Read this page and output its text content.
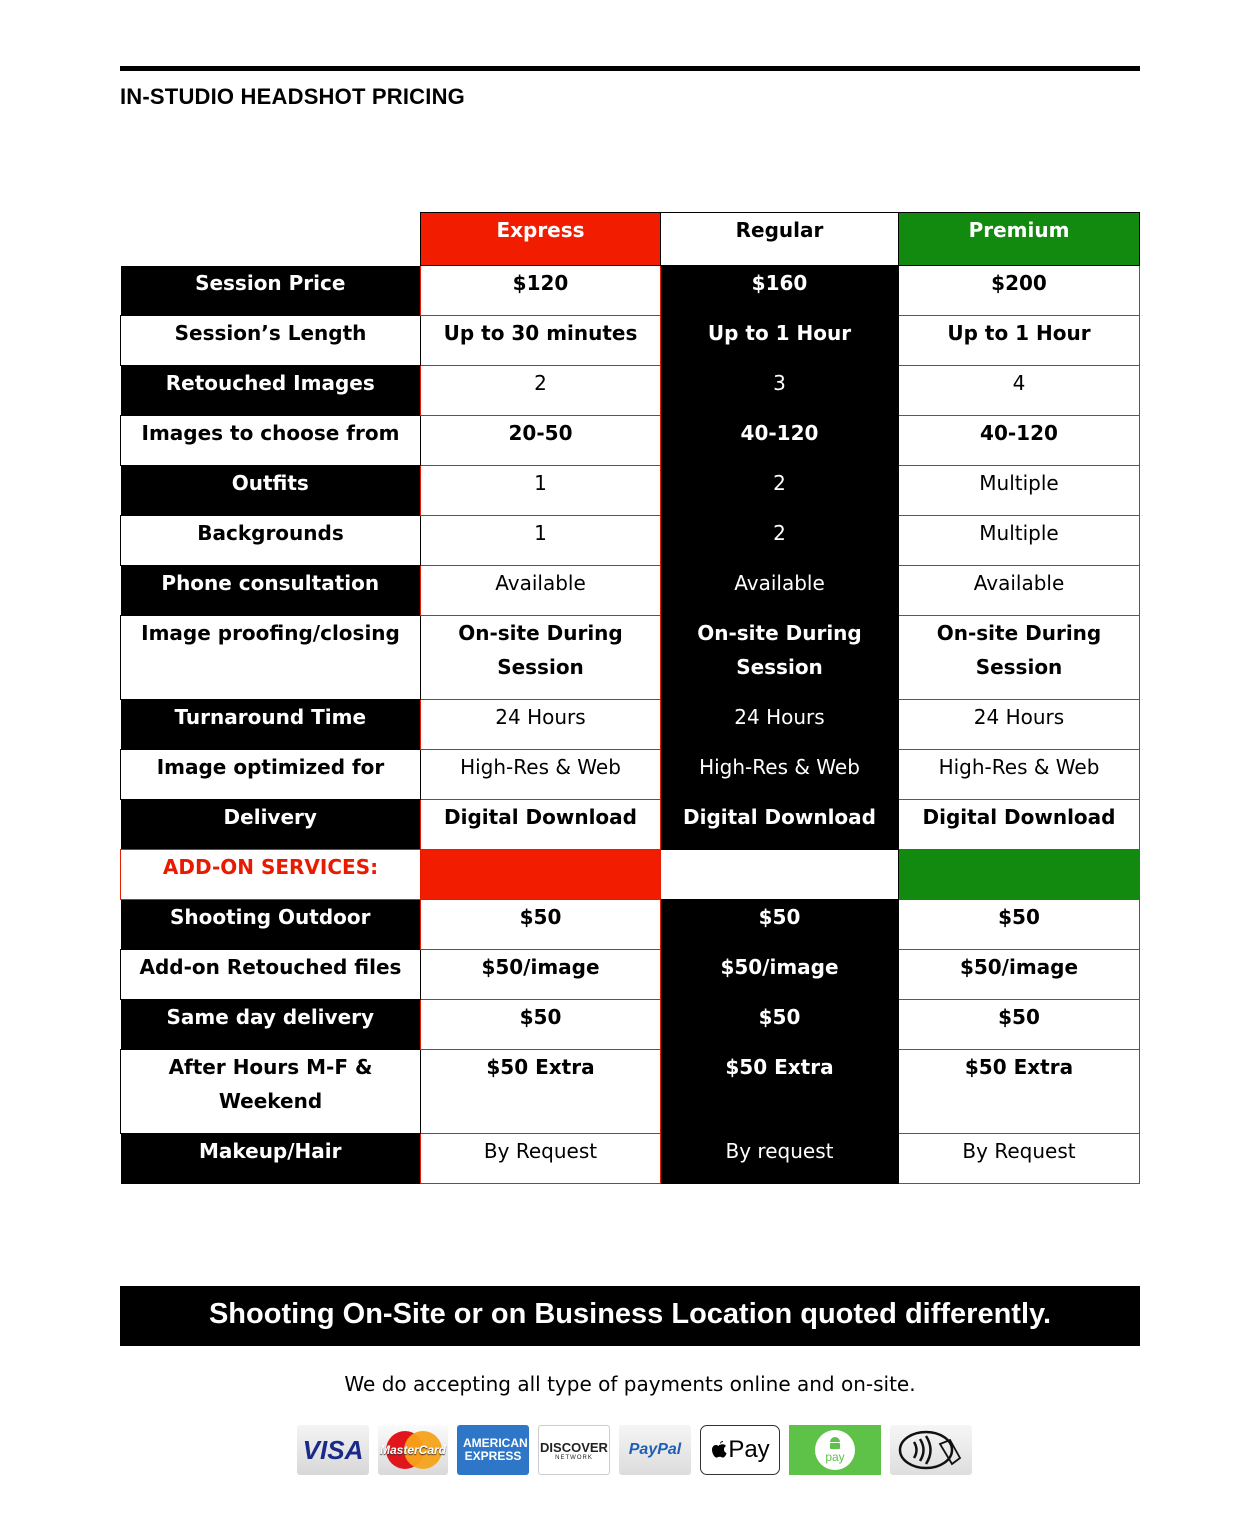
IN-STUDIO HEADSHOT PRICING
	Express	Regular	Premium
Session Price	$120	$160	$200
Session’s Length	Up to 30 minutes	Up to 1 Hour	Up to 1 Hour
Retouched Images	2	3	4
Images to choose from	20-50	40-120	40-120
Outfits	1	2	Multiple
Backgrounds	1	2	Multiple
Phone consultation	Available	Available	Available
Image proofing/closing	On-site During Session	On-site During Session	On-site During Session
Turnaround Time	24 Hours	24 Hours	24 Hours
Image optimized for	High-Res & Web	High-Res & Web	High-Res & Web
Delivery	Digital Download	Digital Download	Digital Download
ADD-ON SERVICES:			
Shooting Outdoor	$50	$50	$50
Add-on Retouched files	$50/image	$50/image	$50/image
Same day delivery	$50	$50	$50
After Hours M-F & Weekend	$50 Extra	$50 Extra	$50 Extra
Makeup/Hair	By Request	By request	By Request
Shooting On-Site or on Business Location quoted differently.
We do accepting all type of payments online and on-site.
VISA	MasterCard AMERICAN EXPRESS
DISCOVER
NETWORK	PayPal	Pay	pay
